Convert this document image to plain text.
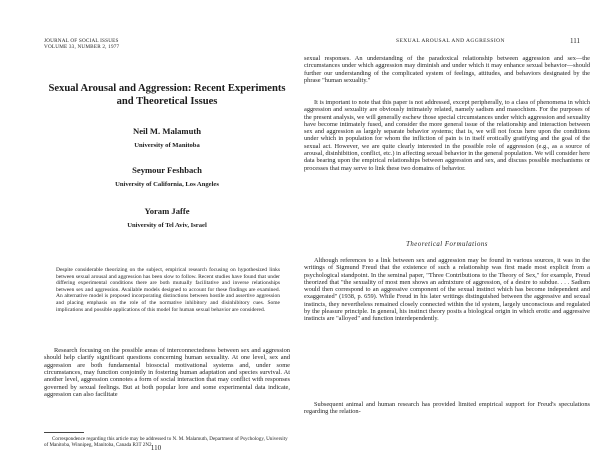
JOURNAL OF SOCIAL ISSUES
VOLUME 33, NUMBER 2, 1977
Sexual Arousal and Aggression: Recent Experiments and Theoretical Issues
Neil M. Malamuth
University of Manitoba
Seymour Feshbach
University of California, Los Angeles
Yoram Jaffe
University of Tel Aviv, Israel
Despite considerable theorizing on the subject, empirical research focusing on hypothesized links between sexual arousal and aggression has been slow to follow. Recent studies have found that under differing experimental conditions there are both mutually facilitative and inverse relationships between sex and aggression. Available models designed to account for these findings are examined. An alternative model is proposed incorporating distinctions between hostile and assertive aggression and placing emphasis on the role of the normative inhibitory and disinhibitory cues. Some implications and possible applications of this model for human sexual behavior are considered.

Research focusing on the possible areas of interconnectedness between sex and aggression should help clarify significant questions concerning human sexuality. At one level, sex and aggression are both fundamental biosocial motivational systems and, under some circumstances, may function conjointly in fostering human adaptation and species survival. At another level, aggression connotes a form of social interaction that may conflict with responses governed by sexual feelings. But at both popular lore and some experimental data indicate, aggression can also facilitate

Correspondence regarding this article may be addressed to N. M. Malamuth, Department of Psychology, University of Manitoba, Winnipeg, Manitoba, Canada R3T 2N2.

110
SEXUAL AROUSAL AND AGGRESSION	111

sexual responses. An understanding of the paradoxical relationship between aggression and sex—the circumstances under which aggression may diminish and under which it may enhance sexual behavior—should further our understanding of the complicated system of feelings, attitudes, and behaviors designated by the phrase "human sexuality."

It is important to note that this paper is not addressed, except peripherally, to a class of phenomena in which aggression and sexuality are obviously intimately related, namely sadism and masochism. For the purposes of the present analysis, we will generally eschew those special circumstances under which aggression and sexuality have become intimately fused, and consider the more general issue of the relationship and interaction between sex and aggression as largely separate behavior systems; that is, we will not focus here upon the conditions under which in population for whom the infliction of pain is in itself erotically gratifying and the goal of the sexual act. However, we are quite clearly interested in the possible role of aggression (e.g., as a source of arousal, disinhibition, conflict, etc.) in affecting sexual behavior in the general population. We will consider here data bearing upon the empirical relationships between aggression and sex, and discuss possible mechanisms or processes that may serve to link these two domains of behavior.

Theoretical Formulations

Although references to a link between sex and aggression may be found in various sources, it was in the writings of Sigmund Freud that the existence of such a relationship was first made most explicit from a psychological standpoint. In the seminal paper, "Three Contributions to the Theory of Sex," for example, Freud theorized that "the sexuality of most men shows an admixture of aggression, of a desire to subdue. . . . Sadism would then correspond to an aggressive component of the sexual instinct which has become independent and exaggerated" (1938, p. 659). While Freud in his later writings distinguished between the aggressive and sexual instincts, they nevertheless remained closely connected within the id system, largely unconscious and regulated by the pleasure principle. In general, his instinct theory posits a biological origin in which erotic and aggressive instincts are "alloyed" and function interdependently.

Subsequent animal and human research has provided limited empirical support for Freud's speculations regarding the relation-
